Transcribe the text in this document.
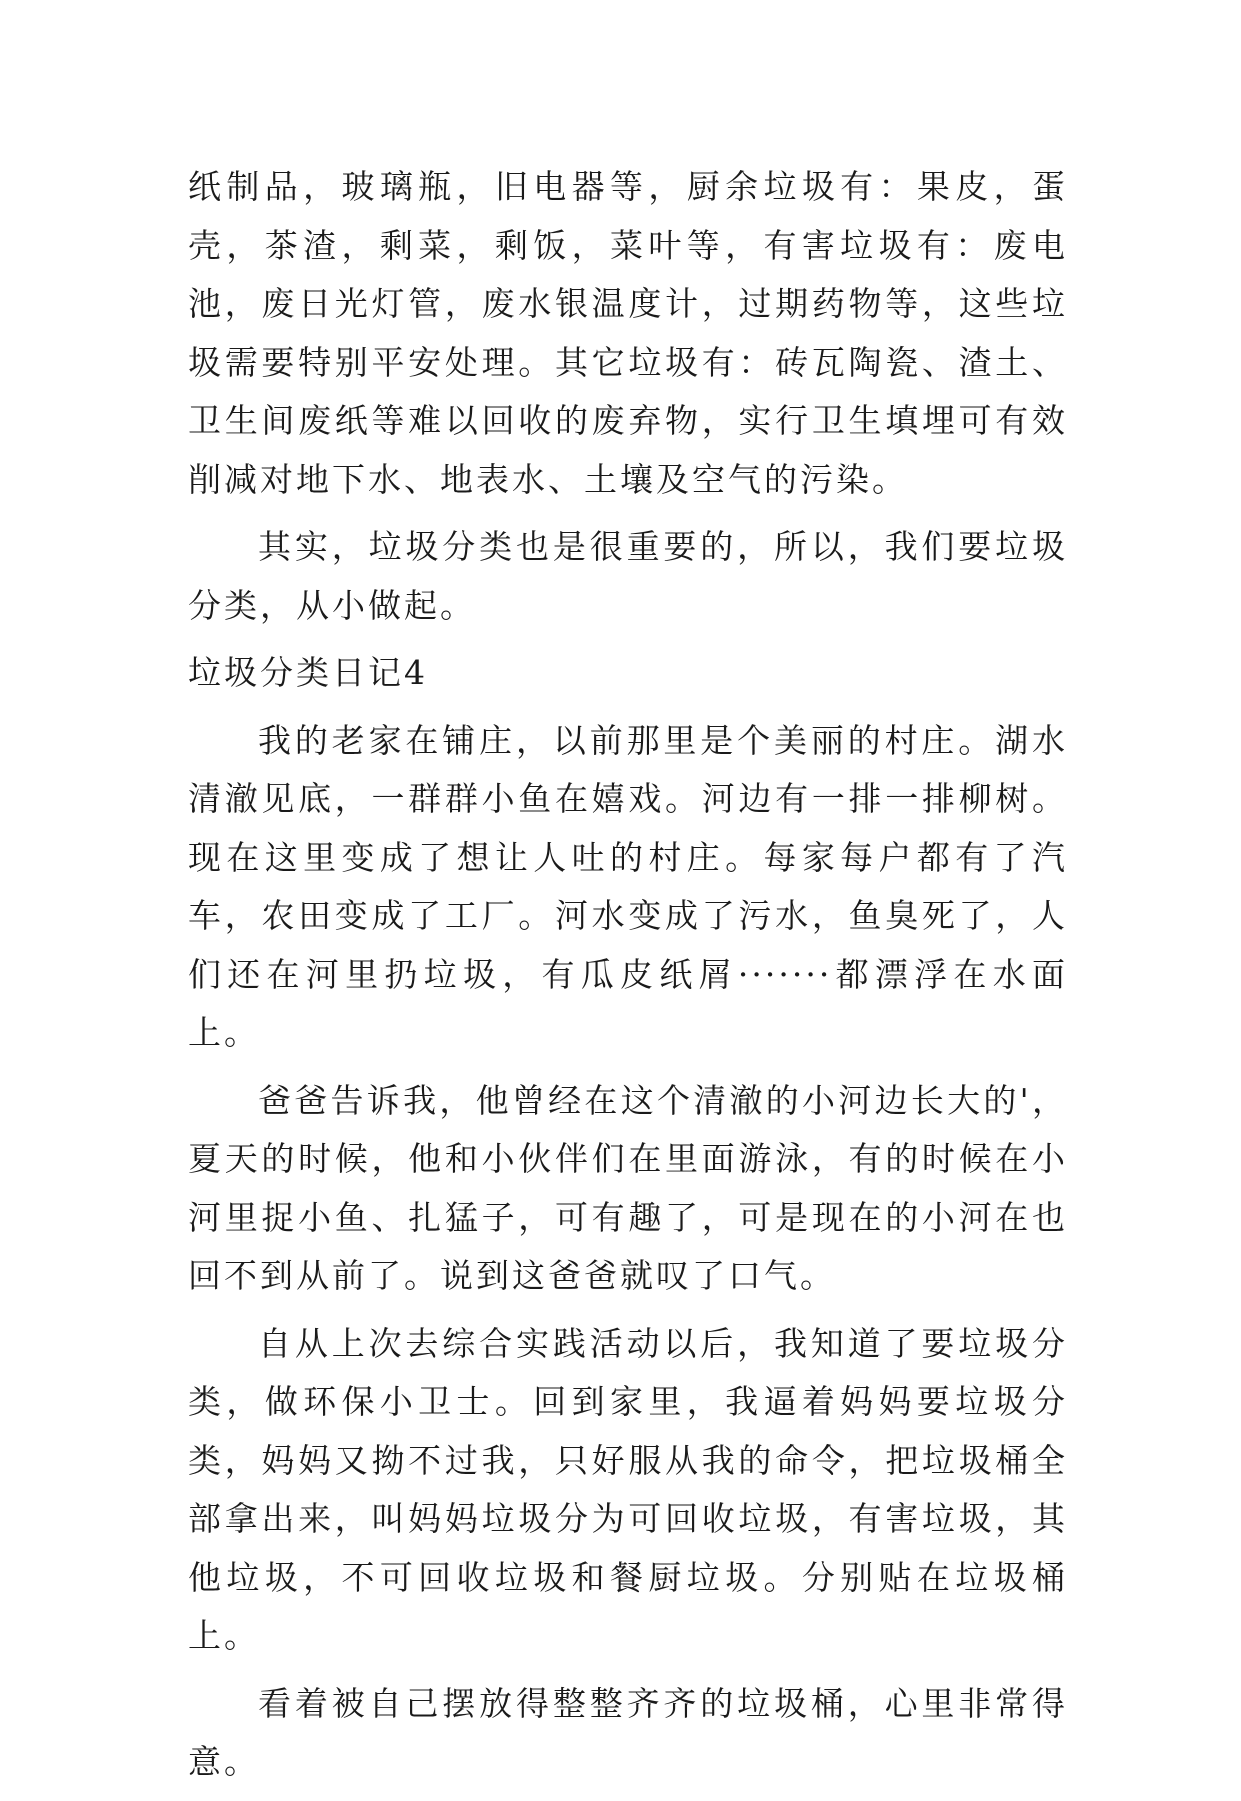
纸制品，玻璃瓶，旧电器等，厨余垃圾有：果皮，蛋壳，茶渣，剩菜，剩饭，菜叶等，有害垃圾有：废电池，废日光灯管，废水银温度计，过期药物等，这些垃圾需要特别平安处理。其它垃圾有：砖瓦陶瓷、渣土、卫生间废纸等难以回收的废弃物，实行卫生填埋可有效削减对地下水、地表水、土壤及空气的污染。

其实，垃圾分类也是很重要的，所以，我们要垃圾分类，从小做起。

垃圾分类日记4

我的老家在铺庄，以前那里是个美丽的村庄。湖水清澈见底，一群群小鱼在嬉戏。河边有一排一排柳树。现在这里变成了想让人吐的村庄。每家每户都有了汽车，农田变成了工厂。河水变成了污水，鱼臭死了，人们还在河里扔垃圾，有瓜皮纸屑·······都漂浮在水面上。

爸爸告诉我，他曾经在这个清澈的小河边长大的'，夏天的时候，他和小伙伴们在里面游泳，有的时候在小河里捉小鱼、扎猛子，可有趣了，可是现在的小河在也回不到从前了。说到这爸爸就叹了口气。

自从上次去综合实践活动以后，我知道了要垃圾分类，做环保小卫士。回到家里，我逼着妈妈要垃圾分类，妈妈又拗不过我，只好服从我的命令，把垃圾桶全部拿出来，叫妈妈垃圾分为可回收垃圾，有害垃圾，其他垃圾，不可回收垃圾和餐厨垃圾。分别贴在垃圾桶上。

看着被自己摆放得整整齐齐的垃圾桶，心里非常得意。
